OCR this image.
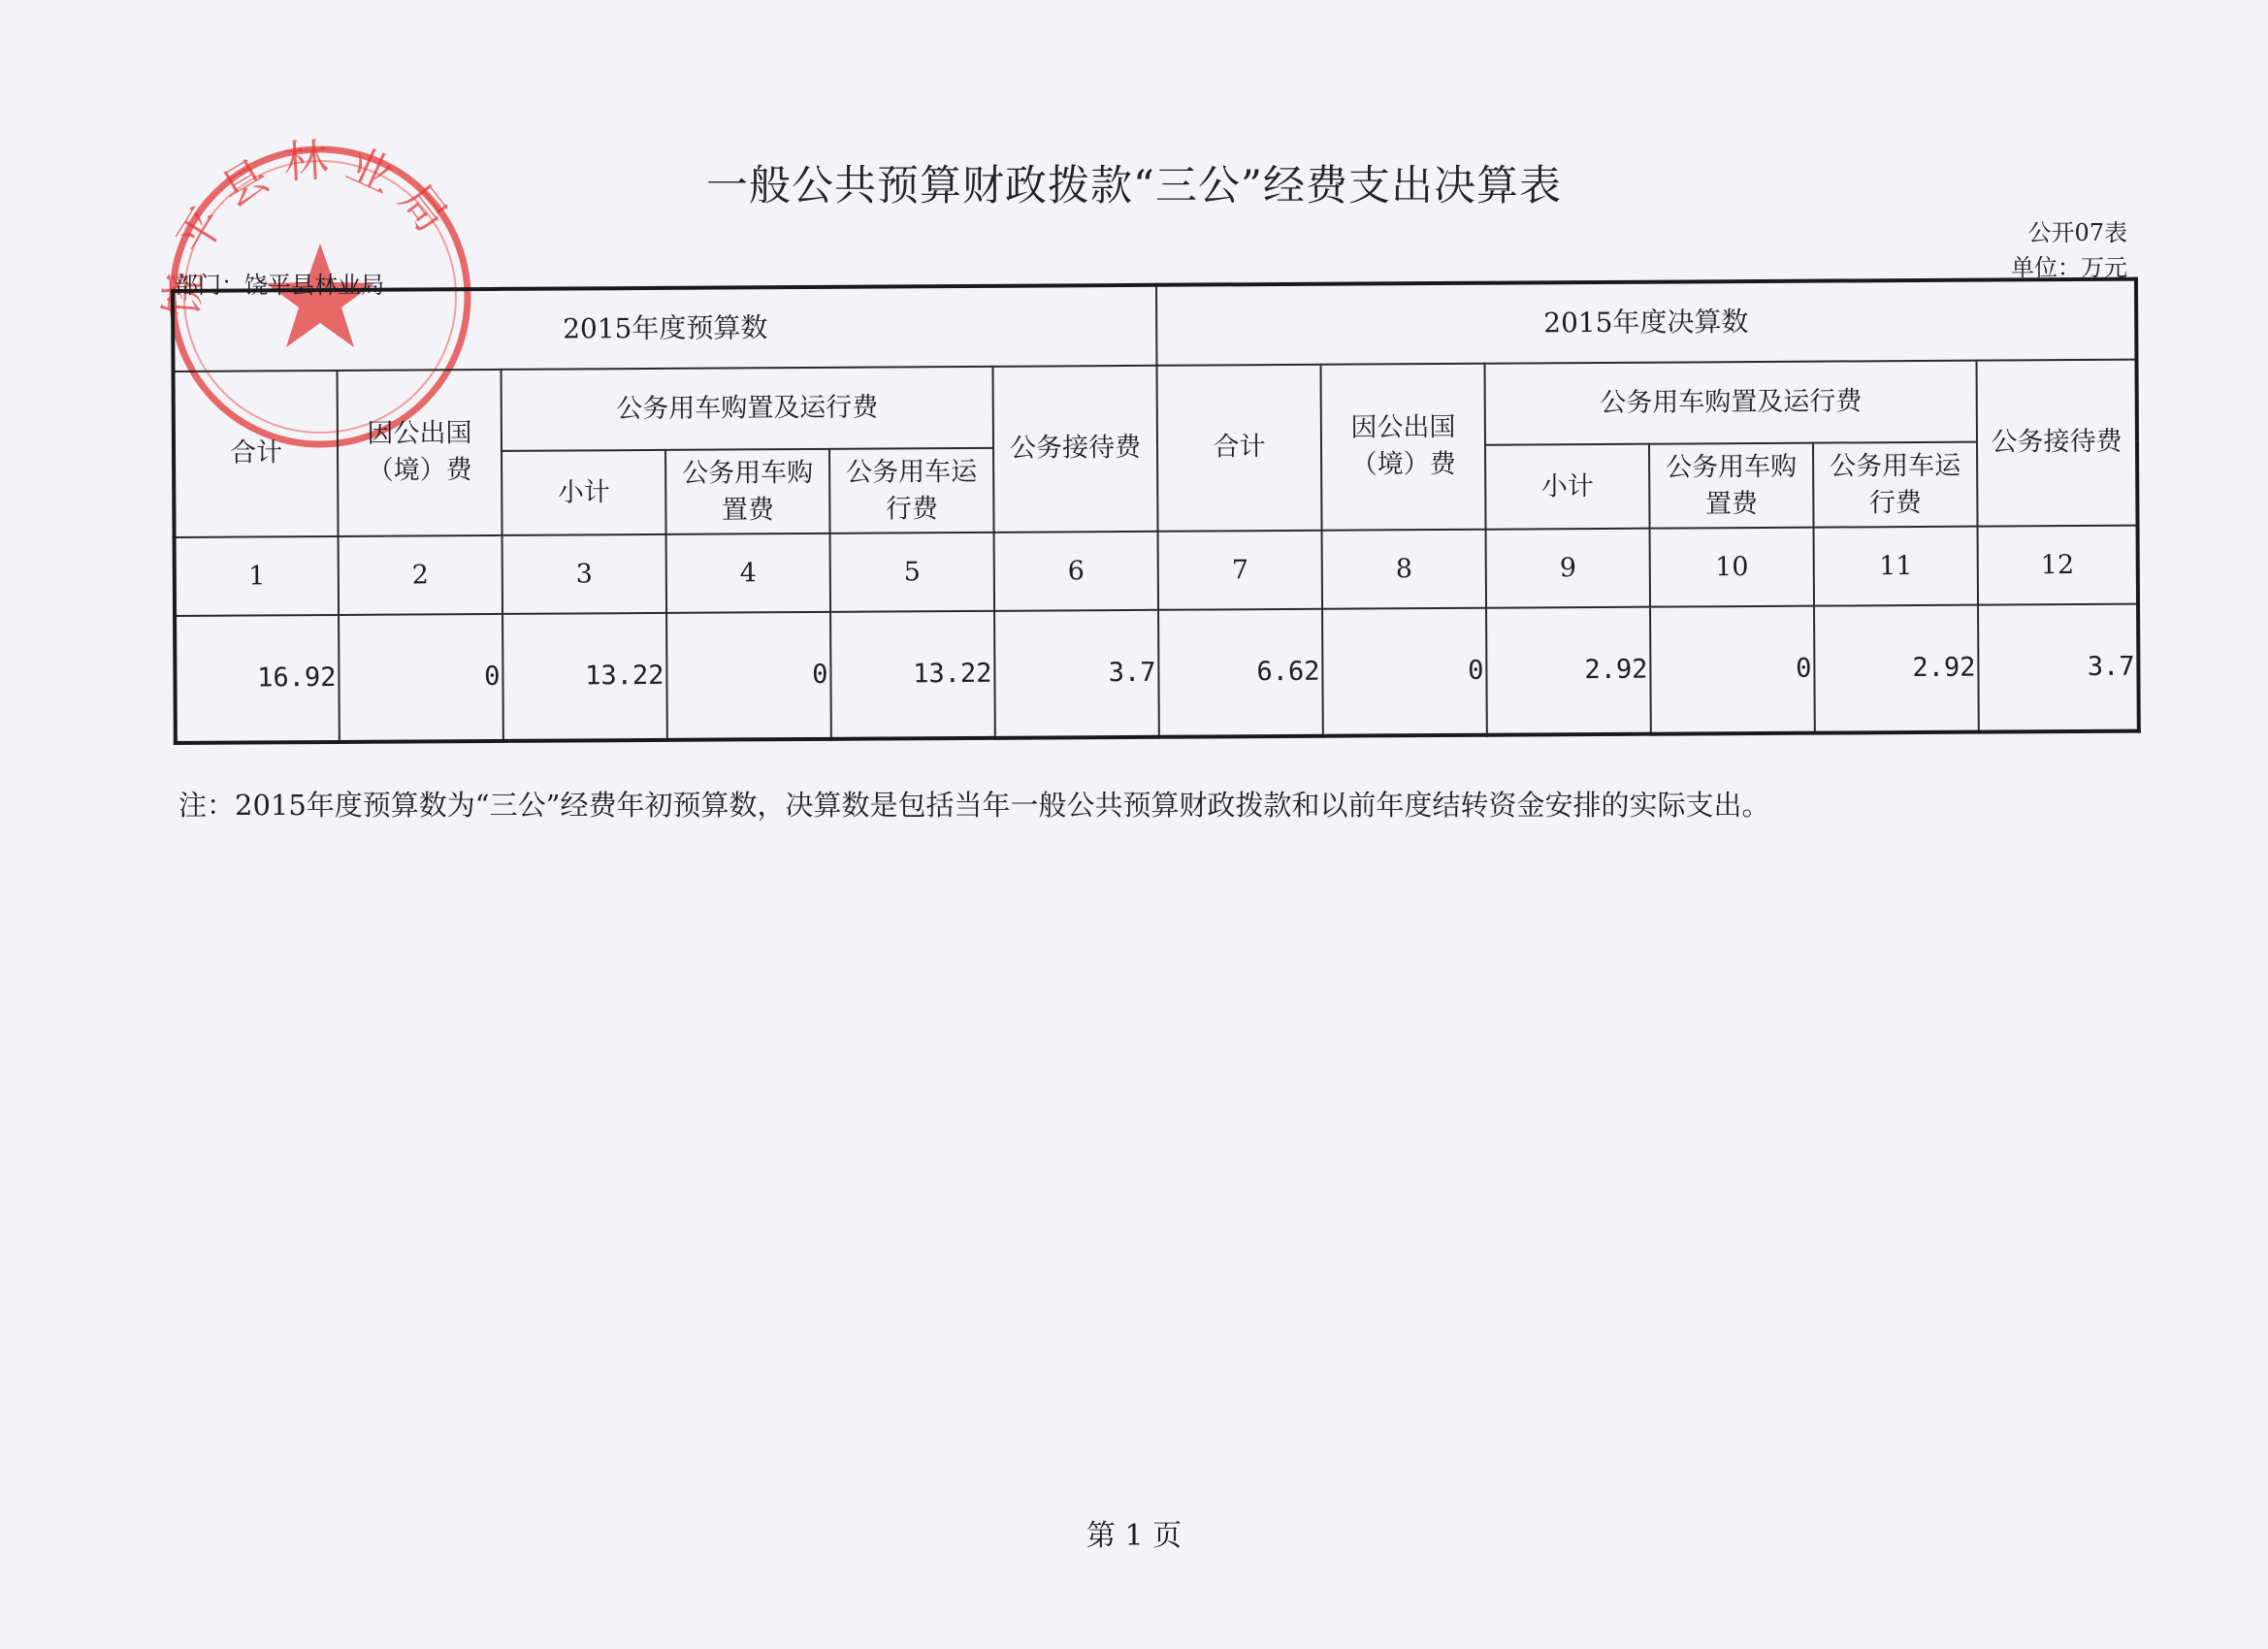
饶平县林业局	一般公共预算财政拨款“三公”经费支出决算表
公开07表
单位：万元
部门：饶平县林业局
2015年度预算数						2015年度决算数					
合计	因公出国（境）费	公务用车购置及运行费			公务接待费	合计	因公出国（境）费	公务用车购置及运行费			公务接待费
		小计	公务用车购置费	公务用车运行费				小计	公务用车购置费	公务用车运行费	
1	2	3	4	5	6	7	8	9	10	11	12
16.92	0	13.22	0	13.22	3.7	6.62	0	2.92	0	2.92	3.7
注：2015年度预算数为“三公”经费年初预算数，决算数是包括当年一般公共预算财政拨款和以前年度结转资金安排的实际支出。
第 1 页
